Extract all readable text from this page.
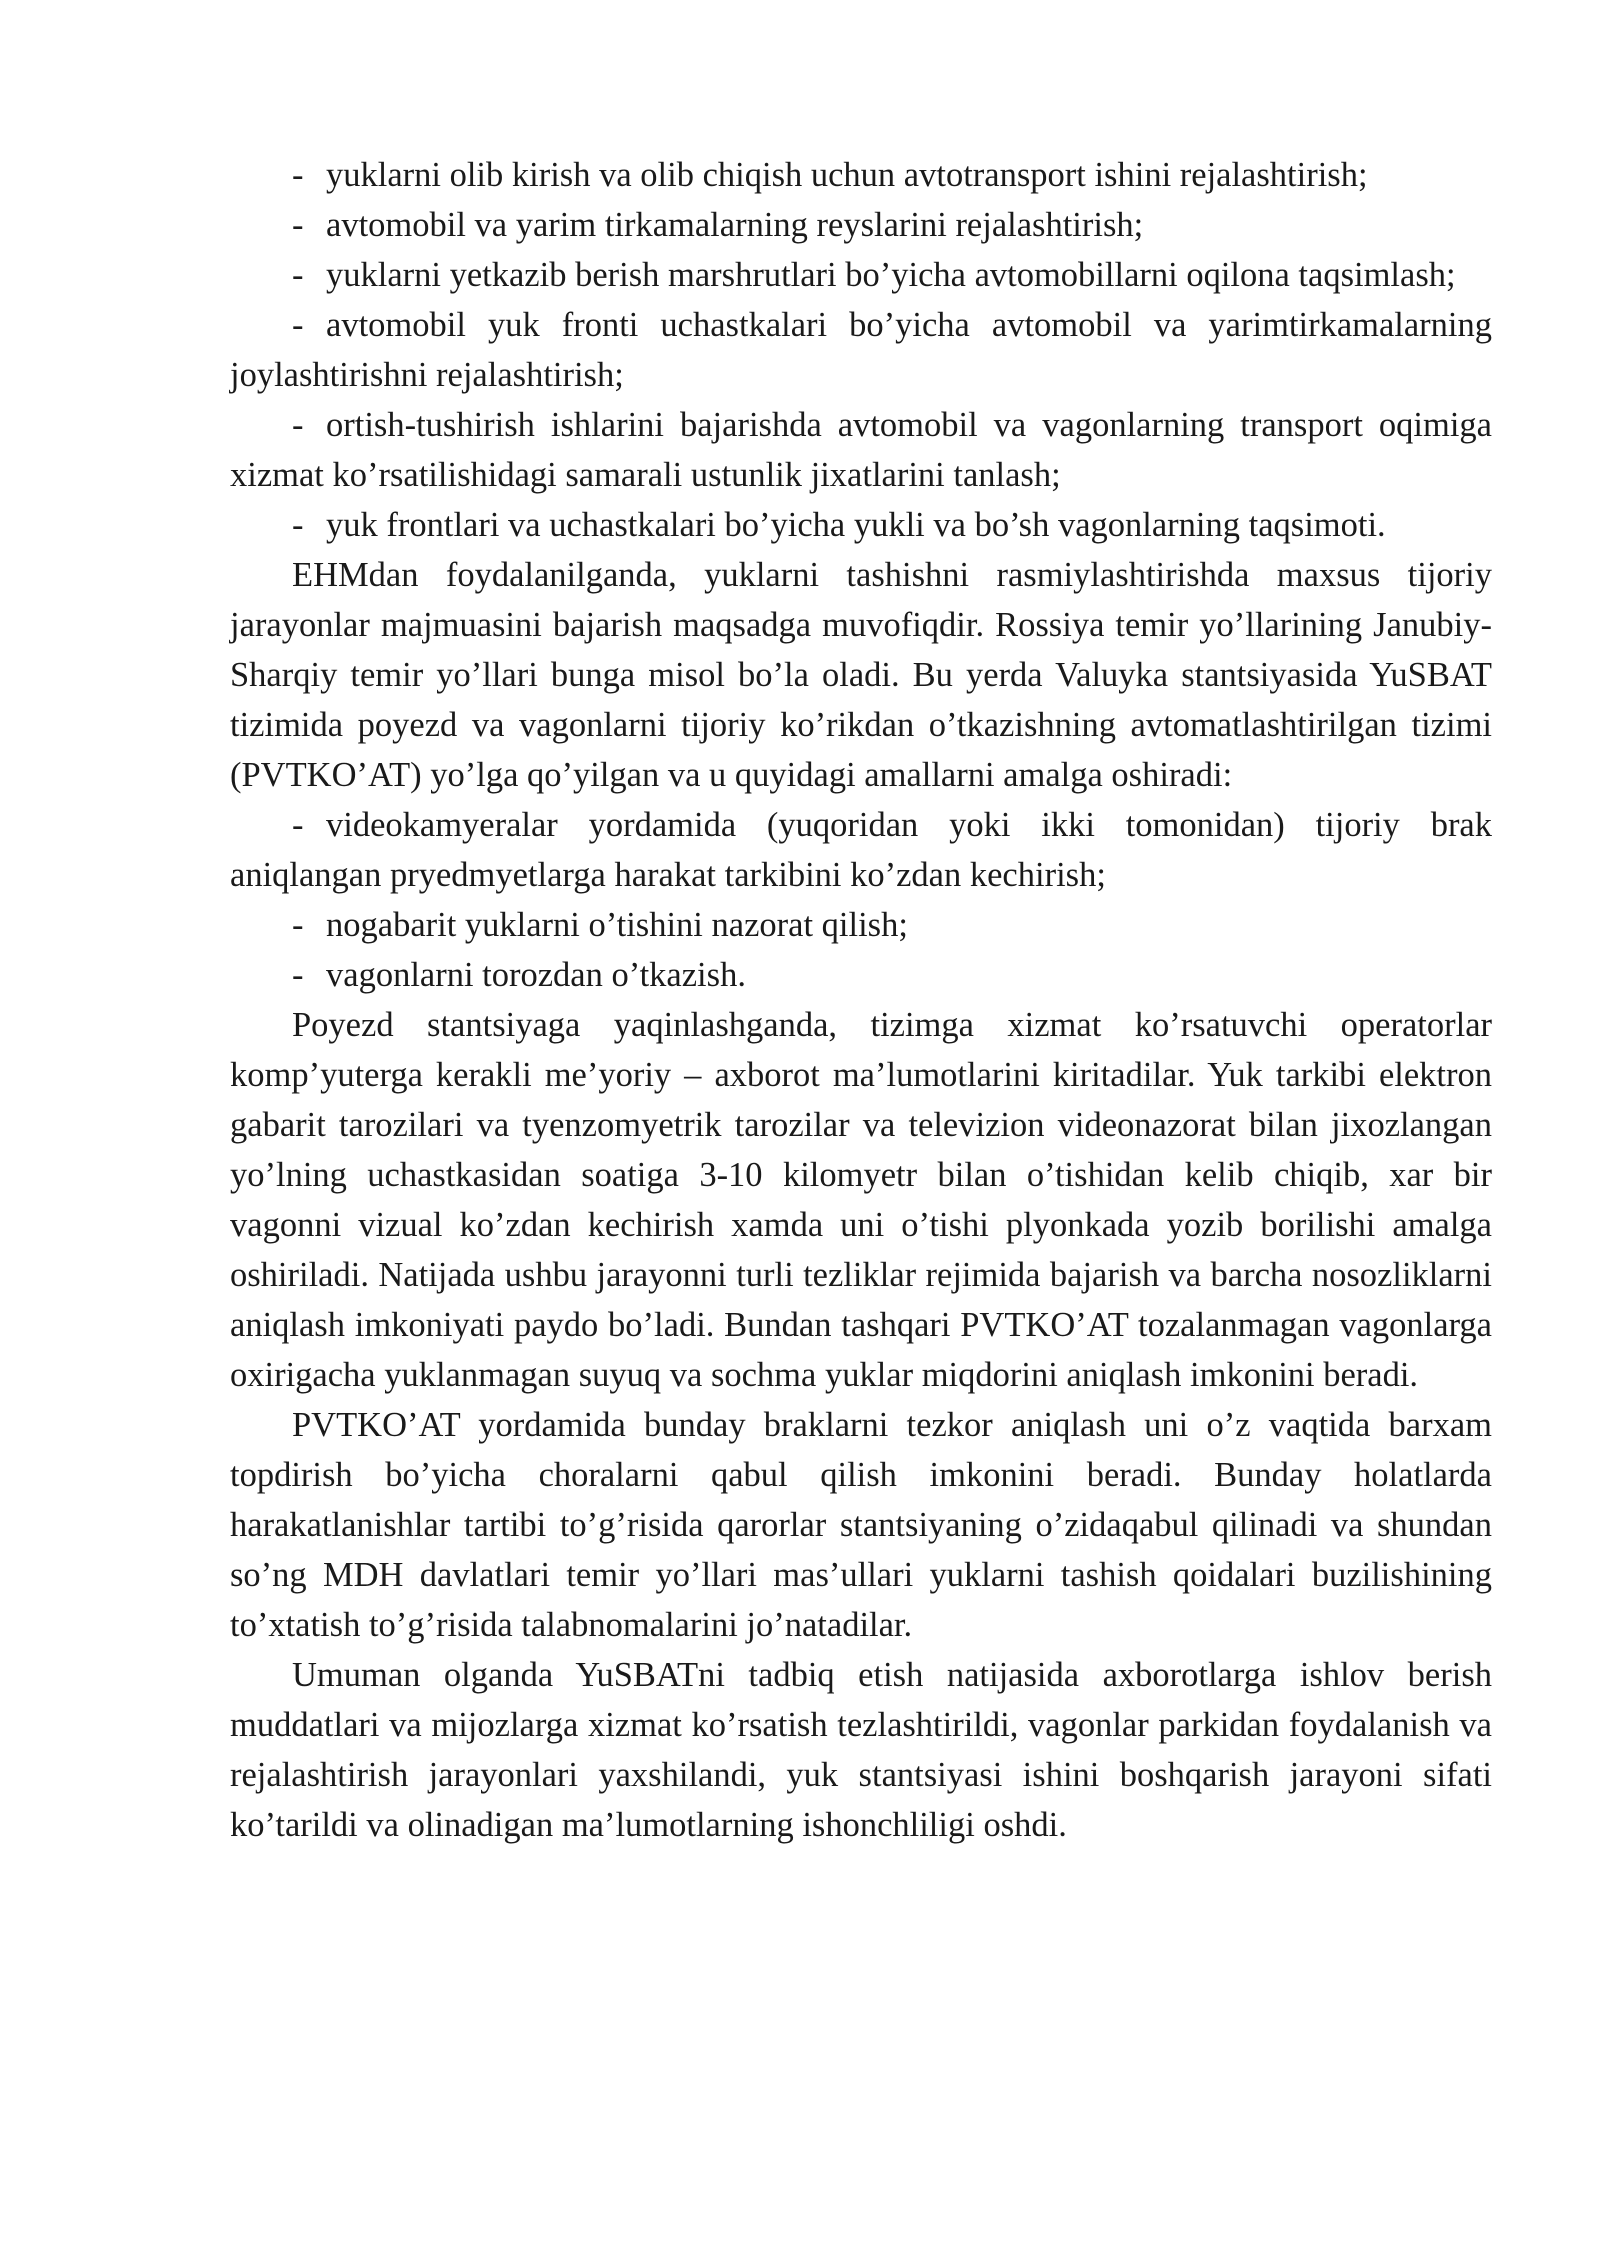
- yuklarni olib kirish va olib chiqish uchun avtotransport ishini rejalashtirish;

- avtomobil va yarim tirkamalarning reyslarini rejalashtirish;

- yuklarni yetkazib berish marshrutlari bo’yicha avtomobillarni oqilona taqsimlash;

- avtomobil yuk fronti uchastkalari bo’yicha avtomobil va yarimtirkamalarning joylashtirishni rejalashtirish;

- ortish-tushirish ishlarini bajarishda avtomobil va vagonlarning transport oqimiga xizmat ko’rsatilishidagi samarali ustunlik jixatlarini tanlash;

- yuk frontlari va uchastkalari bo’yicha yukli va bo’sh vagonlarning taqsimoti.

EHMdan foydalanilganda, yuklarni tashishni rasmiylashtirishda maxsus tijoriy jarayonlar majmuasini bajarish maqsadga muvofiqdir. Rossiya temir yo’llarining Janubiy-Sharqiy temir yo’llari bunga misol bo’la oladi. Bu yerda Valuyka stantsiyasida YuSBAT tizimida poyezd va vagonlarni tijoriy ko’rikdan o’tkazishning avtomatlashtirilgan tizimi (PVTKO’AT) yo’lga qo’yilgan va u quyidagi amallarni amalga oshiradi:

- videokamyeralar yordamida (yuqoridan yoki ikki tomonidan) tijoriy brak aniqlangan pryedmyetlarga harakat tarkibini ko’zdan kechirish;

- nogabarit yuklarni o’tishini nazorat qilish;

- vagonlarni torozdan o’tkazish.

Poyezd stantsiyaga yaqinlashganda, tizimga xizmat ko’rsatuvchi operatorlar komp’yuterga kerakli me’yoriy – axborot ma’lumotlarini kiritadilar. Yuk tarkibi elektron gabarit tarozilari va tyenzomyetrik tarozilar va televizion videonazorat bilan jixozlangan yo’lning uchastkasidan soatiga 3-10 kilomyetr bilan o’tishidan kelib chiqib, xar bir vagonni vizual ko’zdan kechirish xamda uni o’tishi plyonkada yozib borilishi amalga oshiriladi. Natijada ushbu jarayonni turli tezliklar rejimida bajarish va barcha nosozliklarni aniqlash imkoniyati paydo bo’ladi. Bundan tashqari PVTKO’AT tozalanmagan vagonlarga oxirigacha yuklanmagan suyuq va sochma yuklar miqdorini aniqlash imkonini beradi.

PVTKO’AT yordamida bunday braklarni tezkor aniqlash uni o’z vaqtida barxam topdirish bo’yicha choralarni qabul qilish imkonini beradi. Bunday holatlarda harakatlanishlar tartibi to’g’risida qarorlar stantsiyaning o’zidaqabul qilinadi va shundan so’ng MDH davlatlari temir yo’llari mas’ullari yuklarni tashish qoidalari buzilishining to’xtatish to’g’risida talabnomalarini jo’natadilar.

Umuman olganda YuSBATni tadbiq etish natijasida axborotlarga ishlov berish muddatlari va mijozlarga xizmat ko’rsatish tezlashtirildi, vagonlar parkidan foydalanish va rejalashtirish jarayonlari yaxshilandi, yuk stantsiyasi ishini boshqarish jarayoni sifati ko’tarildi va olinadigan ma’lumotlarning ishonchliligi oshdi.
